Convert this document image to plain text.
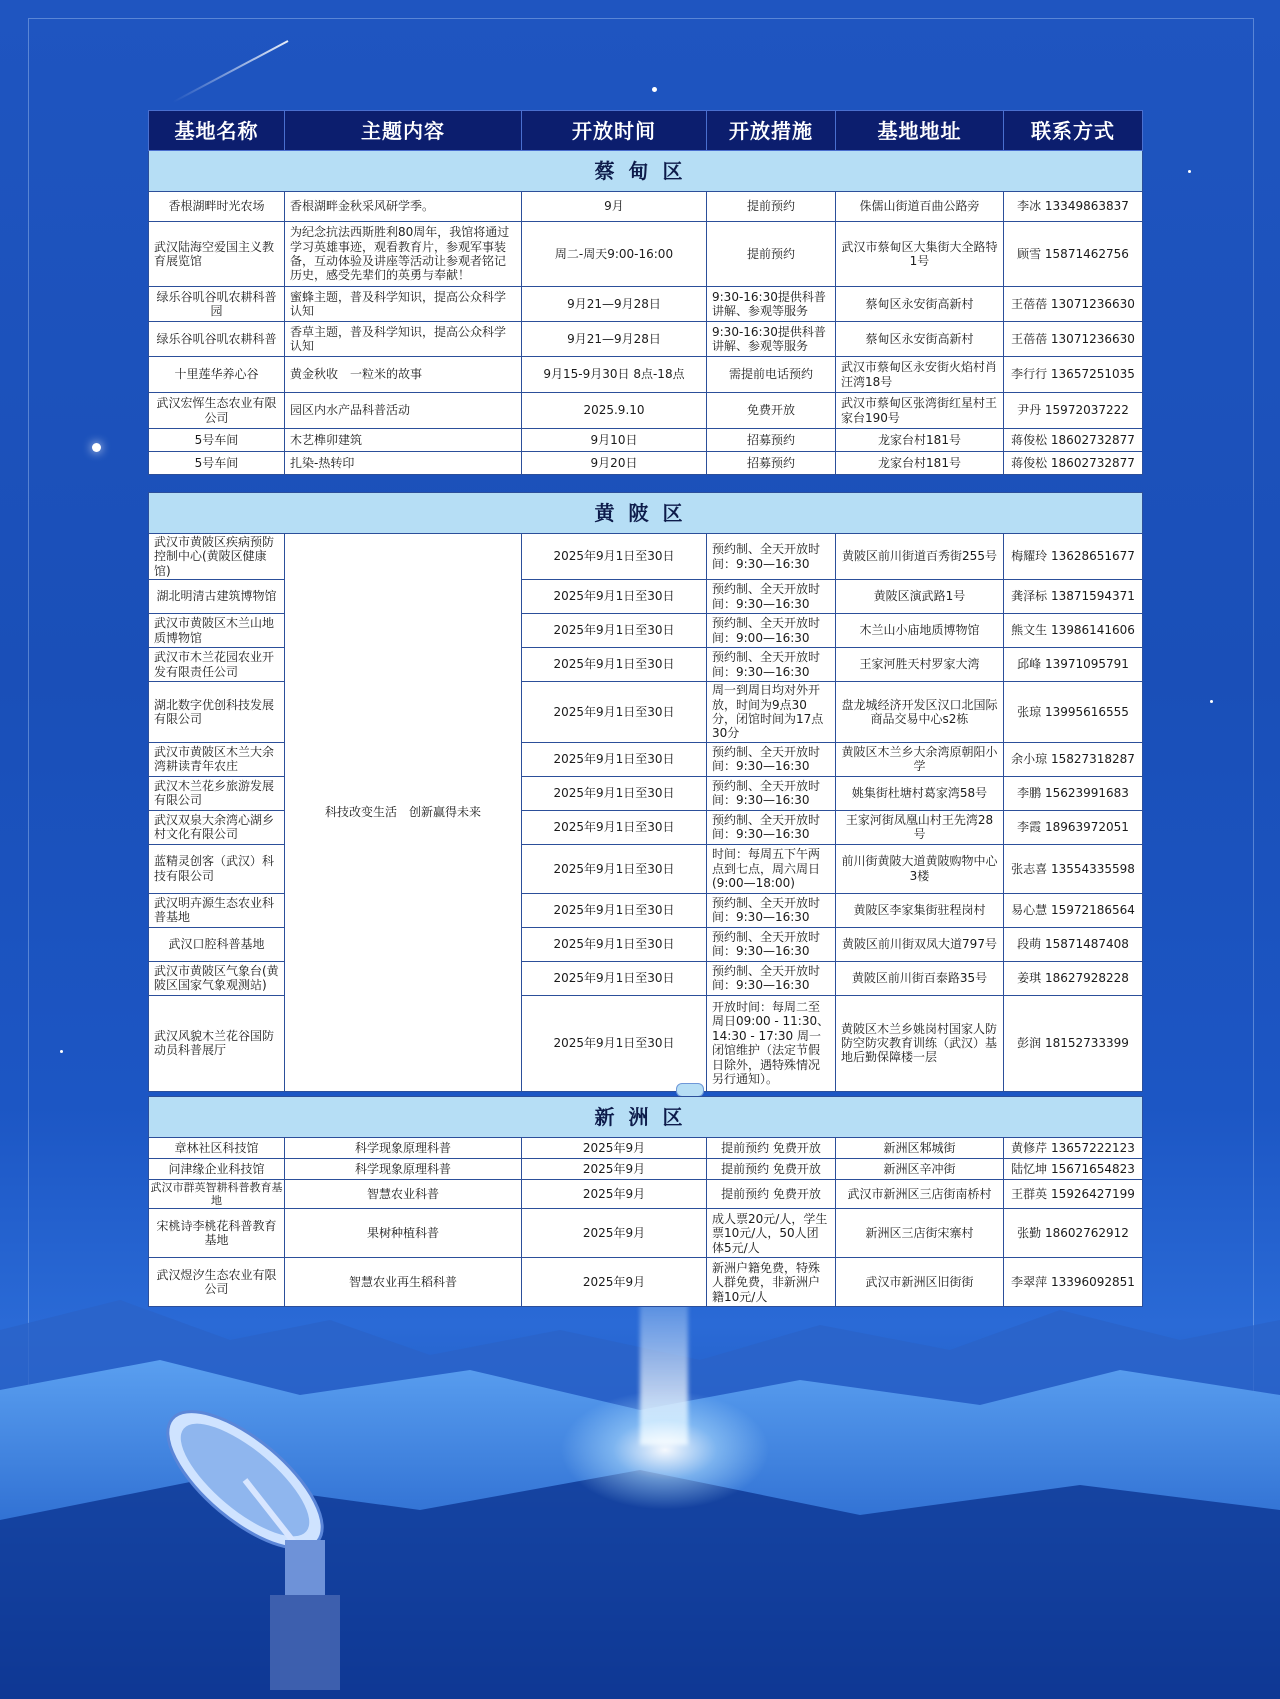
基地名称	主题内容	开放时间	开放措施	基地地址	联系方式
蔡甸区					
香根湖畔时光农场	香根湖畔金秋采风研学季。	9月	提前预约	侏儒山街道百曲公路旁	李冰 13349863837
武汉陆海空爱国主义教育展览馆	为纪念抗法西斯胜利80周年，我馆将通过学习英雄事迹，观看教育片，参观军事装备，互动体验及讲座等活动让参观者铭记历史，感受先辈们的英勇与奉献！	周二-周天9:00-16:00	提前预约	武汉市蔡甸区大集街大全路特1号	顾雪 15871462756
绿乐谷叽谷叽农耕科普园	蜜蜂主题，普及科学知识，提高公众科学认知	9月21—9月28日	9:30-16:30提供科普讲解、参观等服务	蔡甸区永安街高新村	王蓓蓓 13071236630
绿乐谷叽谷叽农耕科普	香草主题，普及科学知识，提高公众科学认知	9月21—9月28日	9:30-16:30提供科普讲解、参观等服务	蔡甸区永安街高新村	王蓓蓓 13071236630
十里莲华养心谷	黄金秋收　一粒米的故事	9月15-9月30日 8点-18点	需提前电话预约	武汉市蔡甸区永安街火焰村肖汪湾18号	李行行 13657251035
武汉宏恽生态农业有限公司	园区内水产品科普活动	2025.9.10	免费开放	武汉市蔡甸区张湾街红星村王家台190号	尹丹 15972037222
5号车间	木艺榫卯建筑	9月10日	招募预约	龙家台村181号	蒋俊松 18602732877
5号车间	扎染-热转印	9月20日	招募预约	龙家台村181号	蒋俊松 18602732877
黄陂区					
武汉市黄陂区疾病预防控制中心(黄陂区健康馆)	科技改变生活　创新赢得未来	2025年9月1日至30日	预约制、全天开放时间：9:30—16:30	黄陂区前川街道百秀街255号	梅耀玲 13628651677
湖北明清古建筑博物馆		2025年9月1日至30日	预约制、全天开放时间：9:30—16:30	黄陂区演武路1号	龚泽标 13871594371
武汉市黄陂区木兰山地质博物馆		2025年9月1日至30日	预约制、全天开放时间：9:00—16:30	木兰山小庙地质博物馆	熊文生 13986141606
武汉市木兰花园农业开发有限责任公司		2025年9月1日至30日	预约制、全天开放时间：9:30—16:30	王家河胜天村罗家大湾	邱峰 13971095791
湖北数字优创科技发展有限公司		2025年9月1日至30日	周一到周日均对外开放，时间为9点30分，闭馆时间为17点30分	盘龙城经济开发区汉口北国际商品交易中心s2栋	张琼 13995616555
武汉市黄陂区木兰大余湾耕读青年农庄		2025年9月1日至30日	预约制、全天开放时间：9:30—16:30	黄陂区木兰乡大余湾原朝阳小学	余小琼 15827318287
武汉木兰花乡旅游发展有限公司		2025年9月1日至30日	预约制、全天开放时间：9:30—16:30	姚集街杜塘村葛家湾58号	李鹏 15623991683
武汉双泉大余湾心湖乡村文化有限公司		2025年9月1日至30日	预约制、全天开放时间：9:30—16:30	王家河街凤凰山村王先湾28号	李霞 18963972051
蓝精灵创客（武汉）科技有限公司		2025年9月1日至30日	时间：每周五下午两点到七点，周六周日(9:00—18:00)	前川街黄陂大道黄陂购物中心3楼	张志喜 13554335598
武汉明卉源生态农业科普基地		2025年9月1日至30日	预约制、全天开放时间：9:30—16:30	黄陂区李家集街驻程岗村	易心慧 15972186564
武汉口腔科普基地		2025年9月1日至30日	预约制、全天开放时间：9:30—16:30	黄陂区前川街双凤大道797号	段萌 15871487408
武汉市黄陂区气象台(黄陂区国家气象观测站)		2025年9月1日至30日	预约制、全天开放时间：9:30—16:30	黄陂区前川街百泰路35号	姜琪 18627928228
武汉风貌木兰花谷国防动员科普展厅		2025年9月1日至30日	开放时间：每周二至周日09:00 - 11:30、14:30 - 17:30 周一闭馆维护（法定节假日除外，遇特殊情况另行通知）。	黄陂区木兰乡姚岗村国家人防防空防灾教育训练（武汉）基地后勤保障楼一层	彭润 18152733399
新洲区					
章林社区科技馆	科学现象原理科普	2025年9月	提前预约 免费开放	新洲区邾城街	黄修芹 13657222123
问津缘企业科技馆	科学现象原理科普	2025年9月	提前预约 免费开放	新洲区辛冲街	陆忆坤 15671654823
武汉市群英智耕科普教育基地	智慧农业科普	2025年9月	提前预约 免费开放	武汉市新洲区三店街南桥村	王群英 15926427199
宋桃诗李桃花科普教育基地	果树种植科普	2025年9月	成人票20元/人，学生票10元/人，50人团体5元/人	新洲区三店街宋寨村	张勤 18602762912
武汉煜汐生态农业有限公司	智慧农业再生稻科普	2025年9月	新洲户籍免费，特殊人群免费，非新洲户籍10元/人	武汉市新洲区旧街街	李翠萍 13396092851
